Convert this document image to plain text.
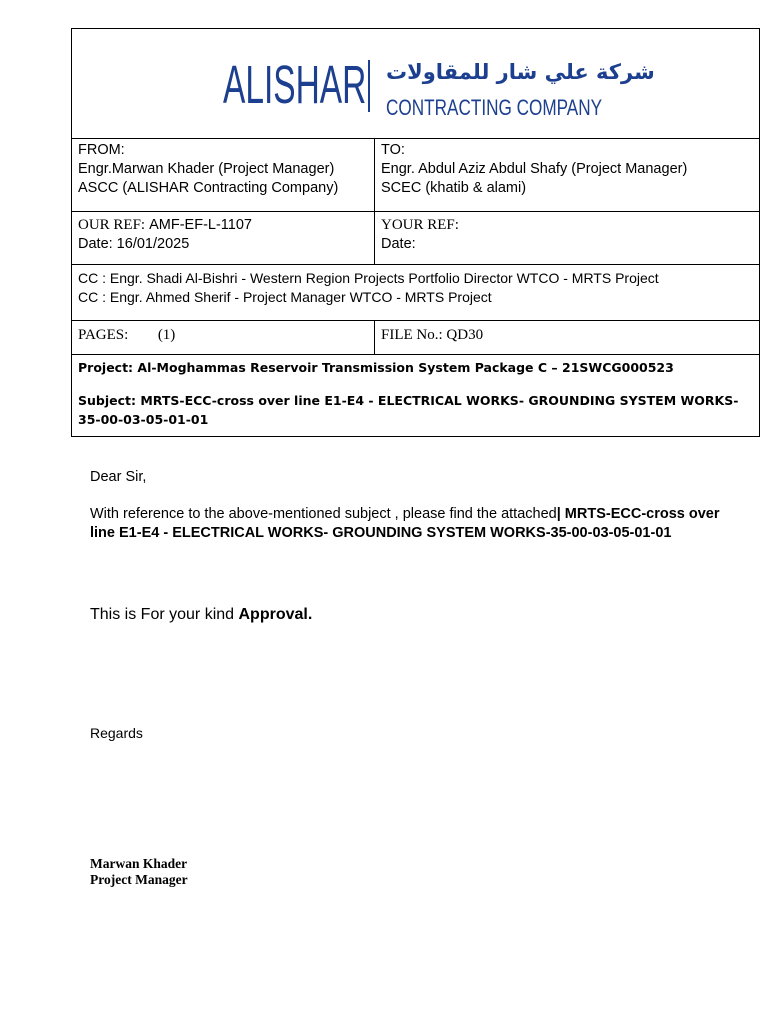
ALISHAR شركة علي شار للمقاولات
CONTRACTING COMPANY
FROM:
Engr.Marwan Khader (Project Manager)
ASCC (ALISHAR Contracting Company)
TO:
Engr. Abdul Aziz Abdul Shafy (Project Manager)
SCEC (khatib & alami)
OUR REF: AMF-EF-L-1107
Date: 16/01/2025
YOUR REF:
Date:
CC : Engr. Shadi Al-Bishri - Western Region Projects Portfolio Director WTCO - MRTS Project
CC : Engr. Ahmed Sherif - Project Manager WTCO - MRTS Project
PAGES: (1)	FILE No.: QD30
Project: Al-Moghammas Reservoir Transmission System Package C – 21SWCG000523
Subject: MRTS-ECC-cross over line E1-E4 - ELECTRICAL WORKS- GROUNDING SYSTEM WORKS-35-00-03-05-01-01
Dear Sir,
With reference to the above-mentioned subject , please find the attached| MRTS-ECC-cross over line E1-E4 - ELECTRICAL WORKS- GROUNDING SYSTEM WORKS-35-00-03-05-01-01
This is For your kind Approval.
Regards
Marwan Khader
Project Manager
